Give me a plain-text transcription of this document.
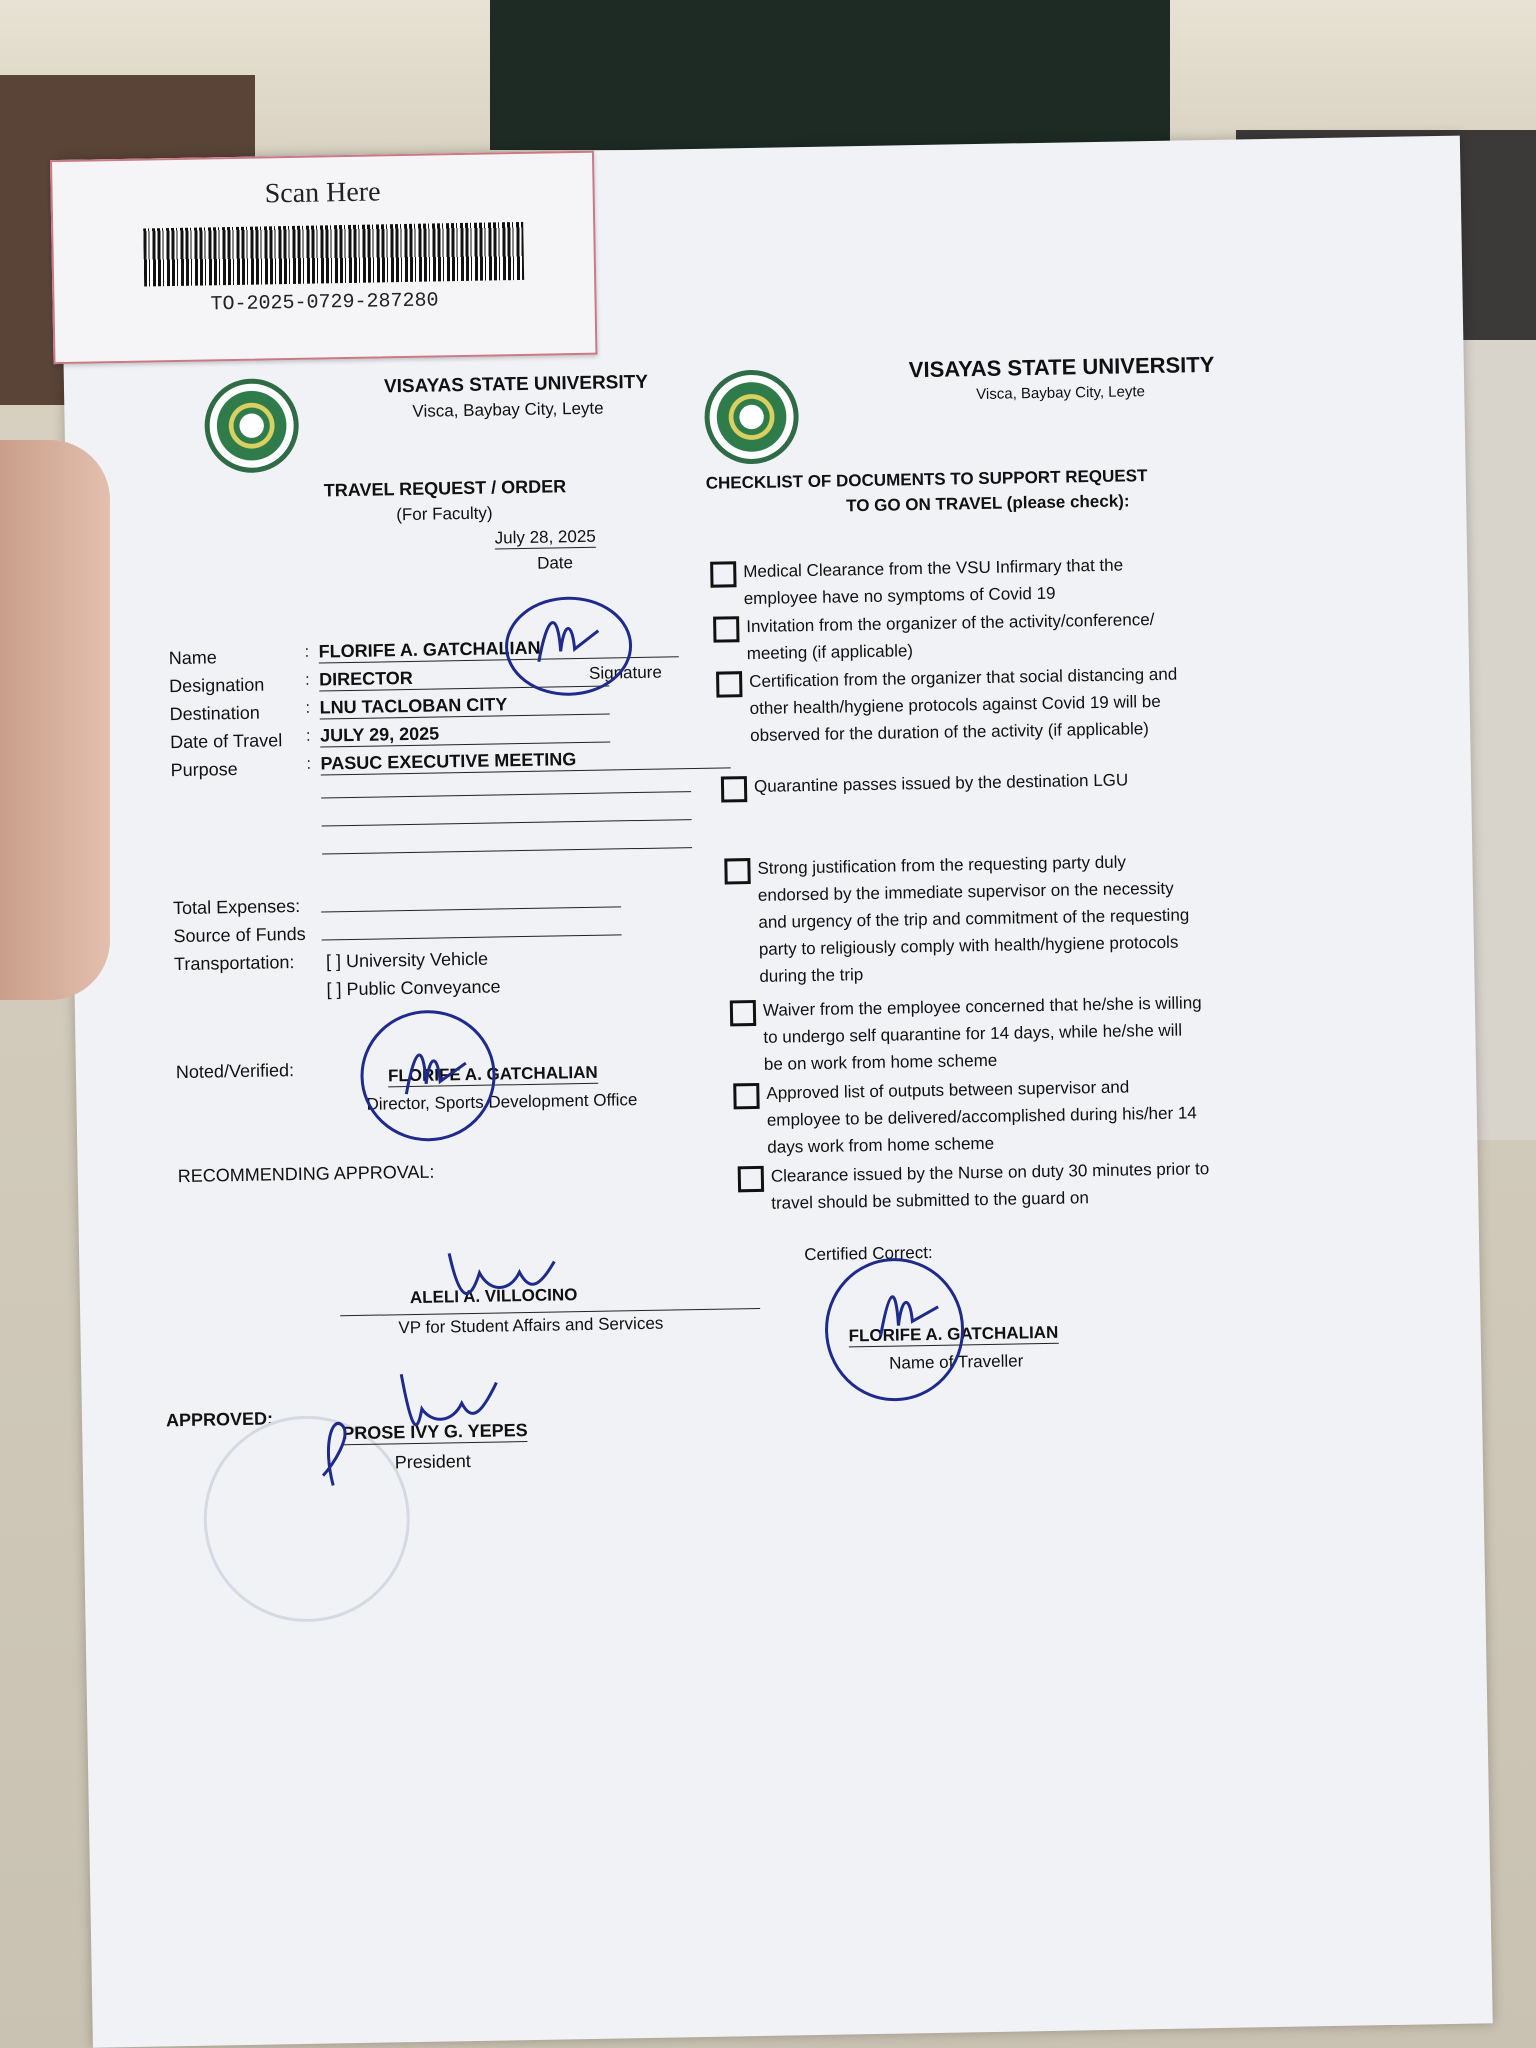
Scan Here
TO-2025-0729-287280
VISAYAS STATE UNIVERSITY
Visca, Baybay City, Leyte
VISAYAS STATE UNIVERSITY
Visca, Baybay City, Leyte
TRAVEL REQUEST / ORDER
(For Faculty)
July 28, 2025
Date
Name	: FLORIFE A. GATCHALIAN
Designation	: DIRECTOR
Destination	: LNU TACLOBAN CITY
Date of Travel : JULY 29, 2025
Purpose	: PASUC EXECUTIVE MEETING
Signature
Total Expenses:
Source of Funds
Transportation: [ ] University Vehicle
[ ] Public Conveyance
Noted/Verified:	FLORIFE A. GATCHALIAN
Director, Sports Development Office
RECOMMENDING APPROVAL:
ALELI A. VILLOCINO
VP for Student Affairs and Services
APPROVED:
PROSE IVY G. YEPES
President
CHECKLIST OF DOCUMENTS TO SUPPORT REQUEST
TO GO ON TRAVEL (please check):
Medical Clearance from the VSU Infirmary that the employee have no symptoms of Covid 19
Invitation from the organizer of the activity/conference/ meeting (if applicable)
Certification from the organizer that social distancing and other health/hygiene protocols against Covid 19 will be observed for the duration of the activity (if applicable)
Quarantine passes issued by the destination LGU
Strong justification from the requesting party duly endorsed by the immediate supervisor on the necessity and urgency of the trip and commitment of the requesting party to religiously comply with health/hygiene protocols during the trip
Waiver from the employee concerned that he/she is willing to undergo self quarantine for 14 days, while he/she will be on work from home scheme
Approved list of outputs between supervisor and employee to be delivered/accomplished during his/her 14 days work from home scheme
Clearance issued by the Nurse on duty 30 minutes prior to travel should be submitted to the guard on
Certified Correct:
FLORIFE A. GATCHALIAN
Name of Traveller
